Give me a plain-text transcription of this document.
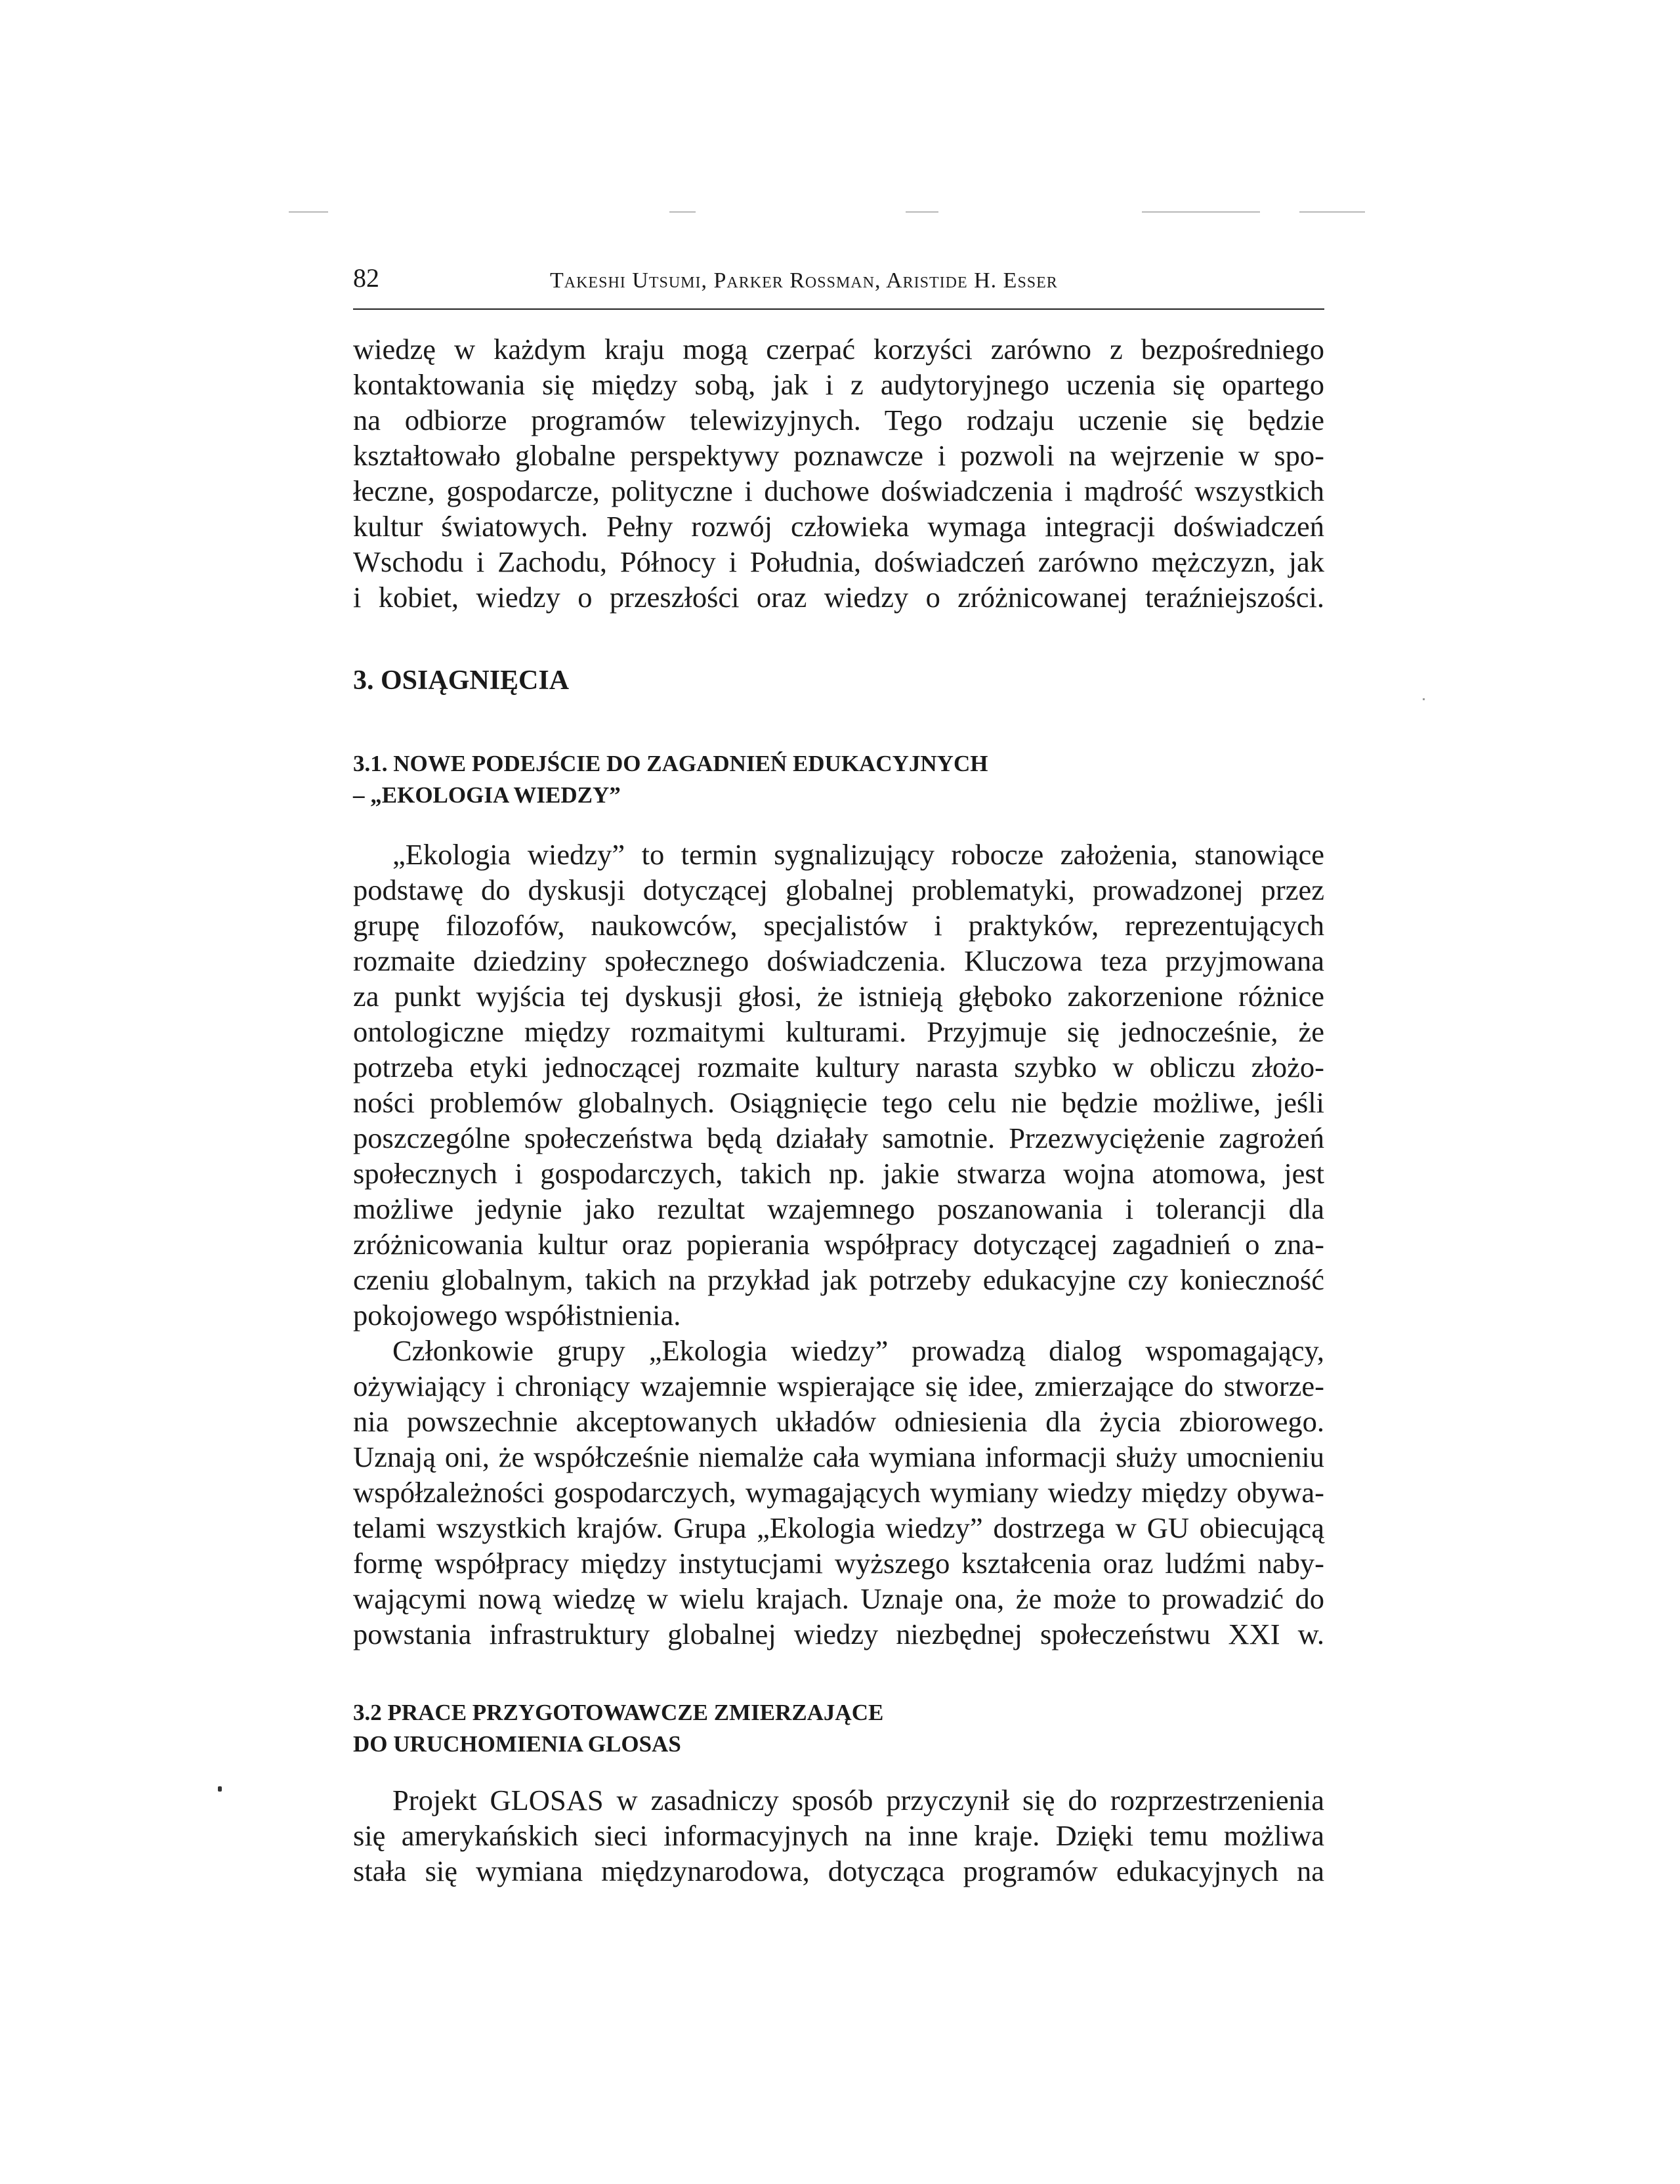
82	Takeshi Utsumi, Parker Rossman, Aristide H. Esser
wiedzę w każdym kraju mogą czerpać korzyści zarówno z bezpośredniego
kontaktowania się między sobą, jak i z audytoryjnego uczenia się opartego
na odbiorze programów telewizyjnych. Tego rodzaju uczenie się będzie
kształtowało globalne perspektywy poznawcze i pozwoli na wejrzenie w spo-
łeczne, gospodarcze, polityczne i duchowe doświadczenia i mądrość wszystkich
kultur światowych. Pełny rozwój człowieka wymaga integracji doświadczeń
Wschodu i Zachodu, Północy i Południa, doświadczeń zarówno mężczyzn, jak
i kobiet, wiedzy o przeszłości oraz wiedzy o zróżnicowanej teraźniejszości.
3. OSIĄGNIĘCIA
3.1. NOWE PODEJŚCIE DO ZAGADNIEŃ EDUKACYJNYCH
– „EKOLOGIA WIEDZY”
„Ekologia wiedzy” to termin sygnalizujący robocze założenia, stanowiące
podstawę do dyskusji dotyczącej globalnej problematyki, prowadzonej przez
grupę filozofów, naukowców, specjalistów i praktyków, reprezentujących
rozmaite dziedziny społecznego doświadczenia. Kluczowa teza przyjmowana
za punkt wyjścia tej dyskusji głosi, że istnieją głęboko zakorzenione różnice
ontologiczne między rozmaitymi kulturami. Przyjmuje się jednocześnie, że
potrzeba etyki jednoczącej rozmaite kultury narasta szybko w obliczu złożo-
ności problemów globalnych. Osiągnięcie tego celu nie będzie możliwe, jeśli
poszczególne społeczeństwa będą działały samotnie. Przezwyciężenie zagrożeń
społecznych i gospodarczych, takich np. jakie stwarza wojna atomowa, jest
możliwe jedynie jako rezultat wzajemnego poszanowania i tolerancji dla
zróżnicowania kultur oraz popierania współpracy dotyczącej zagadnień o zna-
czeniu globalnym, takich na przykład jak potrzeby edukacyjne czy konieczność
pokojowego współistnienia.
Członkowie grupy „Ekologia wiedzy” prowadzą dialog wspomagający,
ożywiający i chroniący wzajemnie wspierające się idee, zmierzające do stworze-
nia powszechnie akceptowanych układów odniesienia dla życia zbiorowego.
Uznają oni, że współcześnie niemalże cała wymiana informacji służy umocnieniu
współzależności gospodarczych, wymagających wymiany wiedzy między obywa-
telami wszystkich krajów. Grupa „Ekologia wiedzy” dostrzega w GU obiecującą
formę współpracy między instytucjami wyższego kształcenia oraz ludźmi naby-
wającymi nową wiedzę w wielu krajach. Uznaje ona, że może to prowadzić do
powstania infrastruktury globalnej wiedzy niezbędnej społeczeństwu XXI w.
3.2 PRACE PRZYGOTOWAWCZE ZMIERZAJĄCE
DO URUCHOMIENIA GLOSAS
Projekt GLOSAS w zasadniczy sposób przyczynił się do rozprzestrzenienia
się amerykańskich sieci informacyjnych na inne kraje. Dzięki temu możliwa
stała się wymiana międzynarodowa, dotycząca programów edukacyjnych na
